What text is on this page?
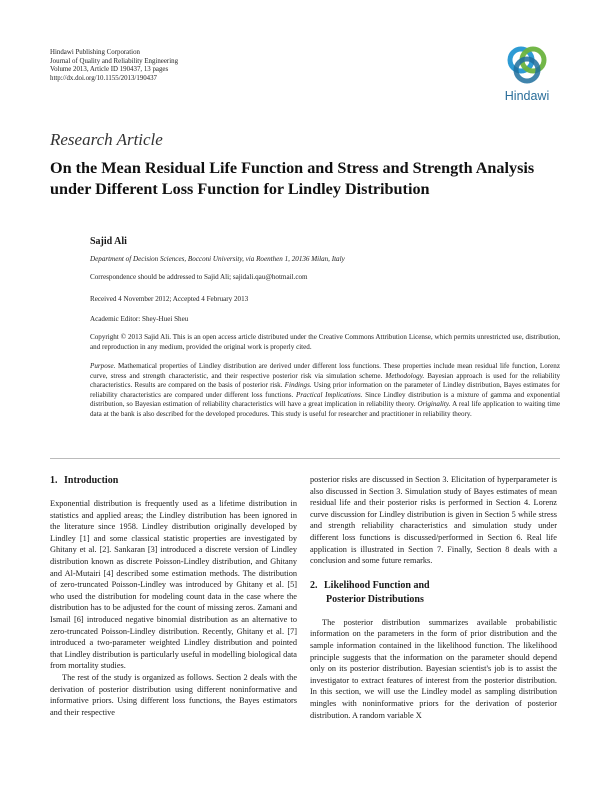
Hindawi Publishing Corporation
Journal of Quality and Reliability Engineering
Volume 2013, Article ID 190437, 13 pages
http://dx.doi.org/10.1155/2013/190437
Hindawi
Research Article
On the Mean Residual Life Function and Stress and Strength Analysis under Different Loss Function for Lindley Distribution
Sajid Ali
Department of Decision Sciences, Bocconi University, via Roenthen 1, 20136 Milan, Italy
Correspondence should be addressed to Sajid Ali; sajidali.qau@hotmail.com
Received 4 November 2012; Accepted 4 February 2013
Academic Editor: Shey-Huei Sheu
Copyright © 2013 Sajid Ali. This is an open access article distributed under the Creative Commons Attribution License, which permits unrestricted use, distribution, and reproduction in any medium, provided the original work is properly cited.
Purpose. Mathematical properties of Lindley distribution are derived under different loss functions. These properties include mean residual life function, Lorenz curve, stress and strength characteristic, and their respective posterior risk via simulation scheme. Methodology. Bayesian approach is used for the reliability characteristics. Results are compared on the basis of posterior risk. Findings. Using prior information on the parameter of Lindley distribution, Bayes estimates for reliability characteristics are compared under different loss functions. Practical Implications. Since Lindley distribution is a mixture of gamma and exponential distribution, so Bayesian estimation of reliability characteristics will have a great implication in reliability theory. Originality. A real life application to waiting time data at the bank is also described for the developed procedures. This study is useful for researcher and practitioner in reliability theory.
1. Introduction

Exponential distribution is frequently used as a lifetime distribution in statistics and applied areas; the Lindley distribution has been ignored in the literature since 1958. Lindley distribution originally developed by Lindley [1] and some classical statistic properties are investigated by Ghitany et al. [2]. Sankaran [3] introduced a discrete version of Lindley distribution known as discrete Poisson-Lindley distribution, and Ghitany and Al-Mutairi [4] described some estimation methods. The distribution of zero-truncated Poisson-Lindley was introduced by Ghitany et al. [5] who used the distribution for modeling count data in the case where the distribution has to be adjusted for the count of missing zeros. Zamani and Ismail [6] introduced negative binomial distribution as an alternative to zero-truncated Poisson-Lindley distribution. Recently, Ghitany et al. [7] introduced a two-parameter weighted Lindley distribution and pointed that Lindley distribution is particularly useful in modelling biological data from mortality studies.

The rest of the study is organized as follows. Section 2 deals with the derivation of posterior distribution using different noninformative and informative priors. Using different loss functions, the Bayes estimators and their respective

posterior risks are discussed in Section 3. Elicitation of hyperparameter is also discussed in Section 3. Simulation study of Bayes estimates of mean residual life and their posterior risks is performed in Section 4. Lorenz curve discussion for Lindley distribution is given in Section 5 while stress and strength reliability characteristics and simulation study under different loss functions is discussed/performed in Section 6. Real life application is illustrated in Section 7. Finally, Section 8 deals with a conclusion and some future remarks.

2. Likelihood Function and
Posterior Distributions

The posterior distribution summarizes available probabilistic information on the parameters in the form of prior distribution and the sample information contained in the likelihood function. The likelihood principle suggests that the information on the parameter should depend only on its posterior distribution. Bayesian scientist's job is to assist the investigator to extract features of interest from the posterior distribution. In this section, we will use the Lindley model as sampling distribution mingles with noninformative priors for the derivation of posterior distribution. A random variable X
